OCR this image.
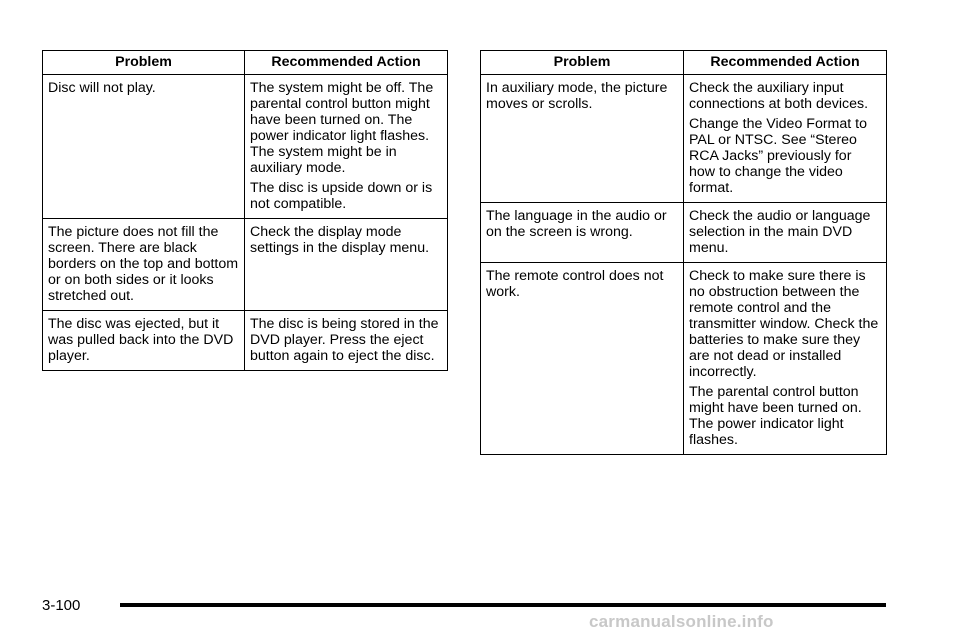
Problem	Recommended Action
Disc will not play.	The system might be off. The parental control button might have been turned on. The power indicator light flashes. The system might be in auxiliary mode.

The disc is upside down or is not compatible.

The picture does not fill the screen. There are black borders on the top and bottom or on both sides or it looks stretched out.	Check the display mode settings in the display menu.

The disc was ejected, but it was pulled back into the DVD player.	The disc is being stored in the DVD player. Press the eject button again to eject the disc.

Problem	Recommended Action
In auxiliary mode, the picture moves or scrolls.	Check the auxiliary input connections at both devices.

Change the Video Format to PAL or NTSC. See “Stereo RCA Jacks” previously for how to change the video format.

The language in the audio or on the screen is wrong.	Check the audio or language selection in the main DVD menu.

The remote control does not work.	Check to make sure there is no obstruction between the remote control and the transmitter window. Check the batteries to make sure they are not dead or installed incorrectly.

The parental control button might have been turned on. The power indicator light flashes.

3-100
carmanualsonline.info
